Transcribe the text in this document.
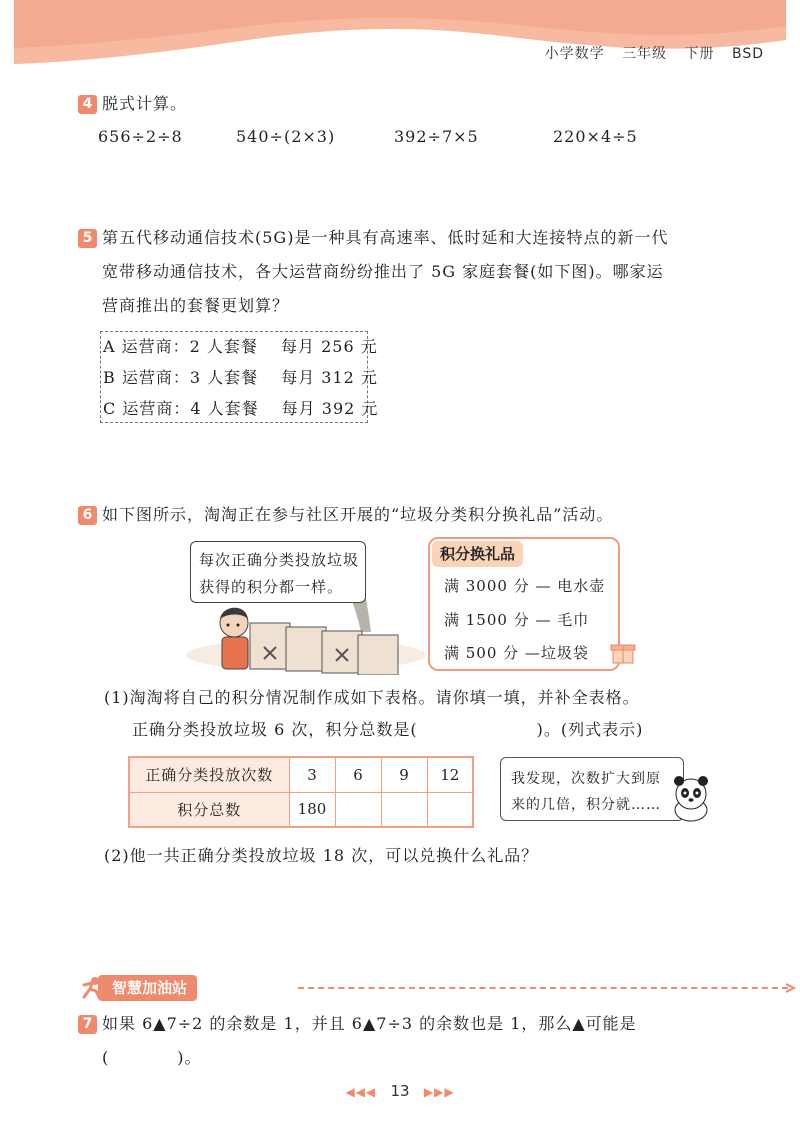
小学数学 三年级 下册 BSD
4 脱式计算。
656÷2÷8	540÷(2×3)	392÷7×5	220×4÷5
5 第五代移动通信技术(5G)是一种具有高速率、低时延和大连接特点的新一代
宽带移动通信技术，各大运营商纷纷推出了 5G 家庭套餐(如下图)。哪家运
营商推出的套餐更划算？
A 运营商：2 人套餐　 每月 256 元
B 运营商：3 人套餐　 每月 312 元
C 运营商：4 人套餐　 每月 392 元
6 如下图所示，淘淘正在参与社区开展的“垃圾分类积分换礼品”活动。
每次正确分类投放垃圾
获得的积分都一样。
积分换礼品
满 3000 分 — 电水壶
满 1500 分 — 毛巾
满 500 分 —垃圾袋
(1)淘淘将自己的积分情况制作成如下表格。请你填一填，并补全表格。
正确分类投放垃圾 6 次，积分总数是(　　　　　　　)。(列式表示)
正确分类投放次数	3	6	9	12
积分总数	180			
我发现，次数扩大到原
来的几倍，积分就……
(2)他一共正确分类投放垃圾 18 次，可以兑换什么礼品？
智慧加油站
7 如果 6▲7÷2 的余数是 1，并且 6▲7÷3 的余数也是 1，那么▲可能是
(　　　　)。
◀◀◀ 13 ▶▶▶
